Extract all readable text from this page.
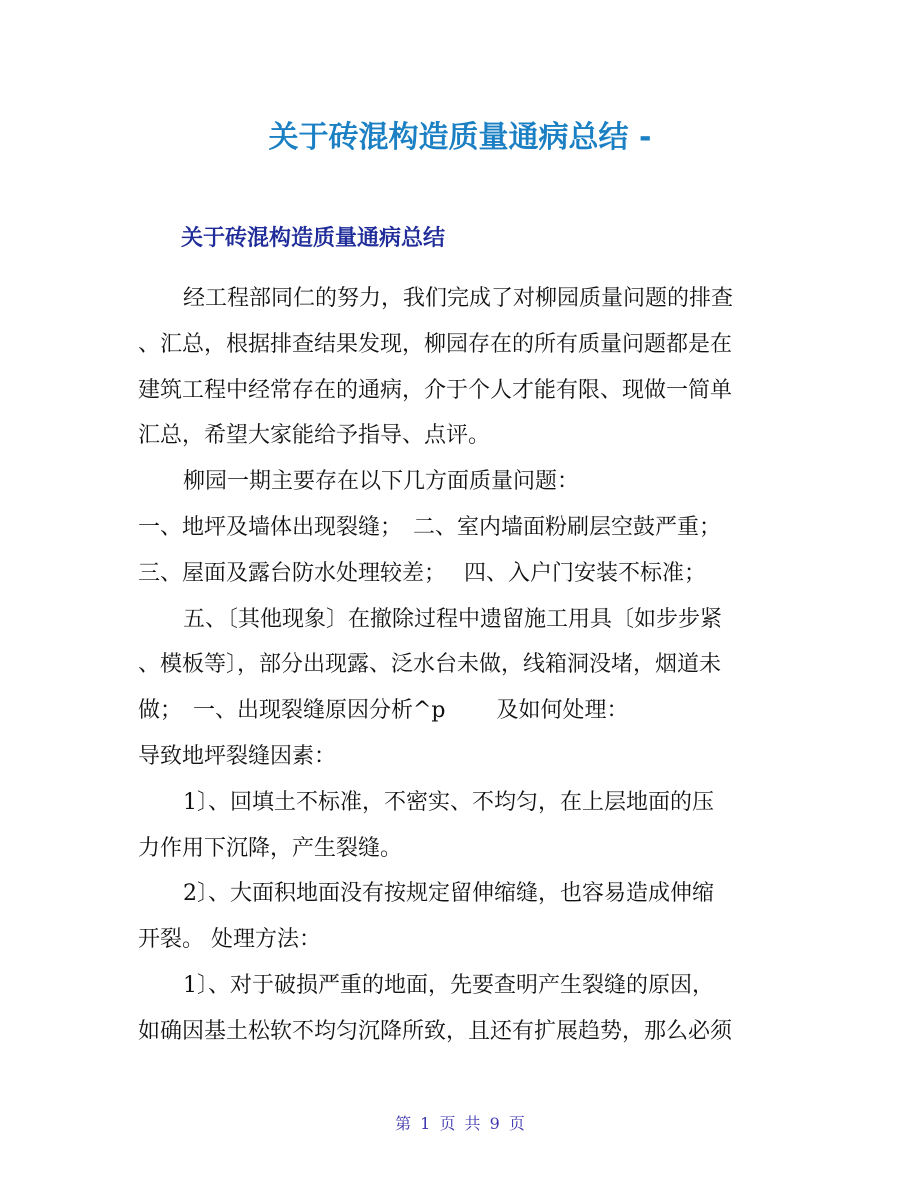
关于砖混构造质量通病总结 -
关于砖混构造质量通病总结

经工程部同仁的努力，我们完成了对柳园质量问题的排查

、汇总，根据排查结果发现，柳园存在的所有质量问题都是在

建筑工程中经常存在的通病，介于个人才能有限、现做一简单

汇总，希望大家能给予指导、点评。

柳园一期主要存在以下几方面质量问题：

一、地坪及墙体出现裂缝；　二、室内墙面粉刷层空鼓严重；

三、屋面及露台防水处理较差；　 四、入户门安装不标准；

五、〔其他现象〕在撤除过程中遗留施工用具〔如步步紧

、模板等〕，部分出现露、泛水台未做，线箱洞没堵，烟道未

做；　一、出现裂缝原因分析^p　　 及如何处理：

导致地坪裂缝因素：

1〕、回填土不标准，不密实、不均匀，在上层地面的压

力作用下沉降，产生裂缝。

2〕、大面积地面没有按规定留伸缩缝，也容易造成伸缩

开裂。 处理方法：

1〕、对于破损严重的地面，先要查明产生裂缝的原因，

如确因基土松软不均匀沉降所致，且还有扩展趋势，那么必须

第 1 页 共 9 页
